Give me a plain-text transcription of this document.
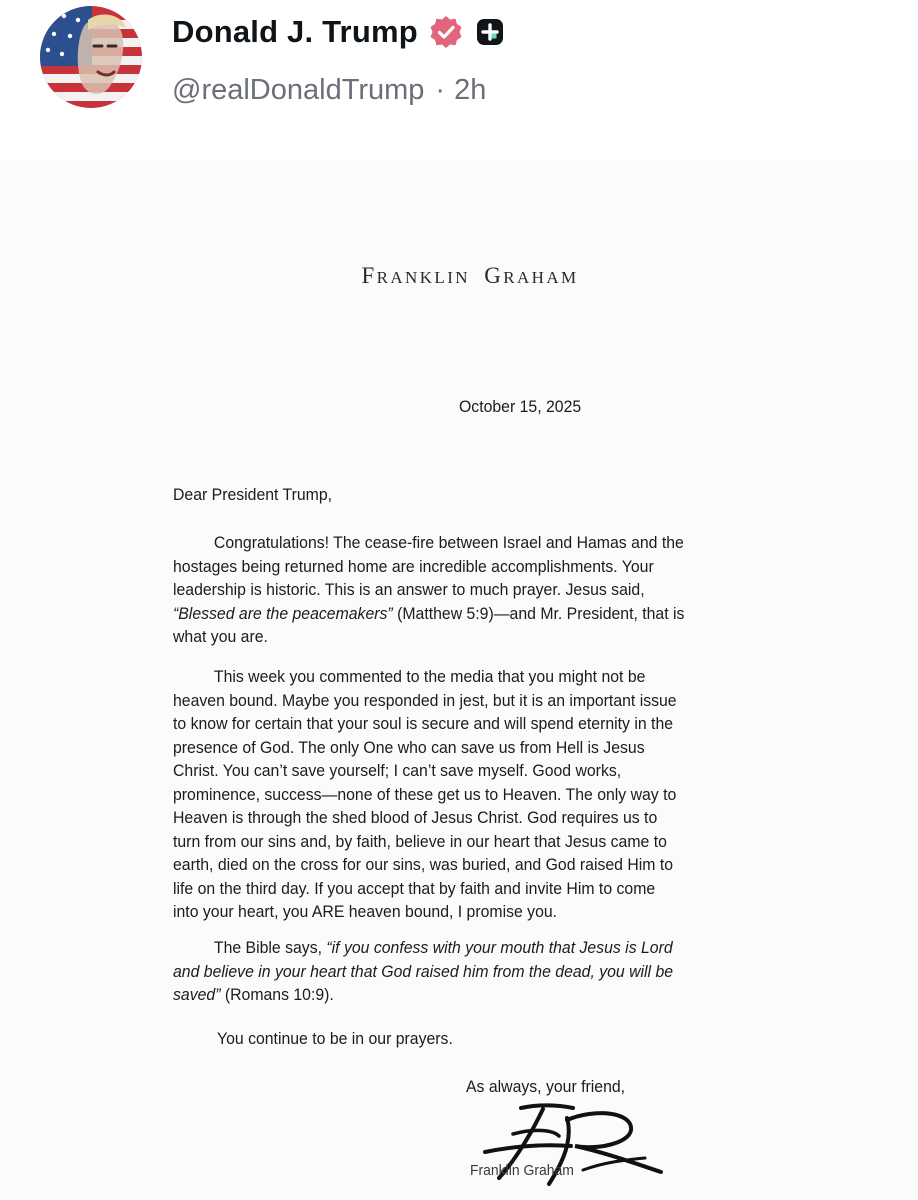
Donald J. Trump
@realDonaldTrump · 2h
FRANKLIN GRAHAM
October 15, 2025
Dear President Trump,
Congratulations! The cease-fire between Israel and Hamas and the
hostages being returned home are incredible accomplishments. Your
leadership is historic. This is an answer to much prayer. Jesus said,
“Blessed are the peacemakers” (Matthew 5:9)—and Mr. President, that is
what you are.
This week you commented to the media that you might not be
heaven bound. Maybe you responded in jest, but it is an important issue
to know for certain that your soul is secure and will spend eternity in the
presence of God. The only One who can save us from Hell is Jesus
Christ. You can’t save yourself; I can’t save myself. Good works,
prominence, success—none of these get us to Heaven. The only way to
Heaven is through the shed blood of Jesus Christ. God requires us to
turn from our sins and, by faith, believe in our heart that Jesus came to
earth, died on the cross for our sins, was buried, and God raised Him to
life on the third day. If you accept that by faith and invite Him to come
into your heart, you ARE heaven bound, I promise you.
The Bible says, “if you confess with your mouth that Jesus is Lord
and believe in your heart that God raised him from the dead, you will be
saved” (Romans 10:9).
You continue to be in our prayers.
As always, your friend,
Franklin Graham
